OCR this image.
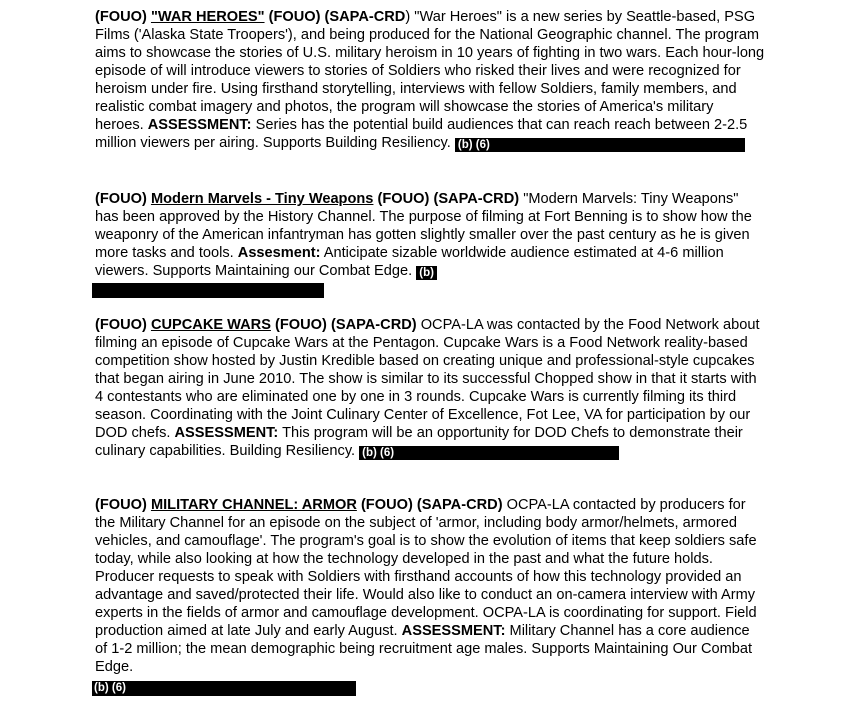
(FOUO) "WAR HEROES" (FOUO) (SAPA-CRD) "War Heroes" is a new series by Seattle-based, PSG Films ('Alaska State Troopers'), and being produced for the National Geographic channel. The program aims to showcase the stories of U.S. military heroism in 10 years of fighting in two wars. Each hour-long episode of will introduce viewers to stories of Soldiers who risked their lives and were recognized for heroism under fire. Using firsthand storytelling, interviews with fellow Soldiers, family members, and realistic combat imagery and photos, the program will showcase the stories of America's military heroes. ASSESSMENT: Series has the potential build audiences that can reach reach between 2-2.5 million viewers per airing. Supports Building Resiliency. (b) (6)

(FOUO) Modern Marvels - Tiny Weapons (FOUO) (SAPA-CRD) "Modern Marvels: Tiny Weapons" has been approved by the History Channel. The purpose of filming at Fort Benning is to show how the weaponry of the American infantryman has gotten slightly smaller over the past century as he is given more tasks and tools. Assesment: Anticipate sizable worldwide audience estimated at 4-6 million viewers. Supports Maintaining our Combat Edge. (b)

(FOUO) CUPCAKE WARS (FOUO) (SAPA-CRD) OCPA-LA was contacted by the Food Network about filming an episode of Cupcake Wars at the Pentagon. Cupcake Wars is a Food Network reality-based competition show hosted by Justin Kredible based on creating unique and professional-style cupcakes that began airing in June 2010. The show is similar to its successful Chopped show in that it starts with 4 contestants who are eliminated one by one in 3 rounds. Cupcake Wars is currently filming its third season. Coordinating with the Joint Culinary Center of Excellence, Fot Lee, VA for participation by our DOD chefs. ASSESSMENT: This program will be an opportunity for DOD Chefs to demonstrate their culinary capabilities. Building Resiliency. (b) (6)

(FOUO) MILITARY CHANNEL: ARMOR (FOUO) (SAPA-CRD) OCPA-LA contacted by producers for the Military Channel for an episode on the subject of 'armor, including body armor/helmets, armored vehicles, and camouflage'. The program's goal is to show the evolution of items that keep soldiers safe today, while also looking at how the technology developed in the past and what the future holds. Producer requests to speak with Soldiers with firsthand accounts of how this technology provided an advantage and saved/protected their life. Would also like to conduct an on-camera interview with Army experts in the fields of armor and camouflage development. OCPA-LA is coordinating for support. Field production aimed at late July and early August. ASSESSMENT: Military Channel has a core audience of 1-2 million; the mean demographic being recruitment age males. Supports Maintaining Our Combat Edge.

(b) (6)
